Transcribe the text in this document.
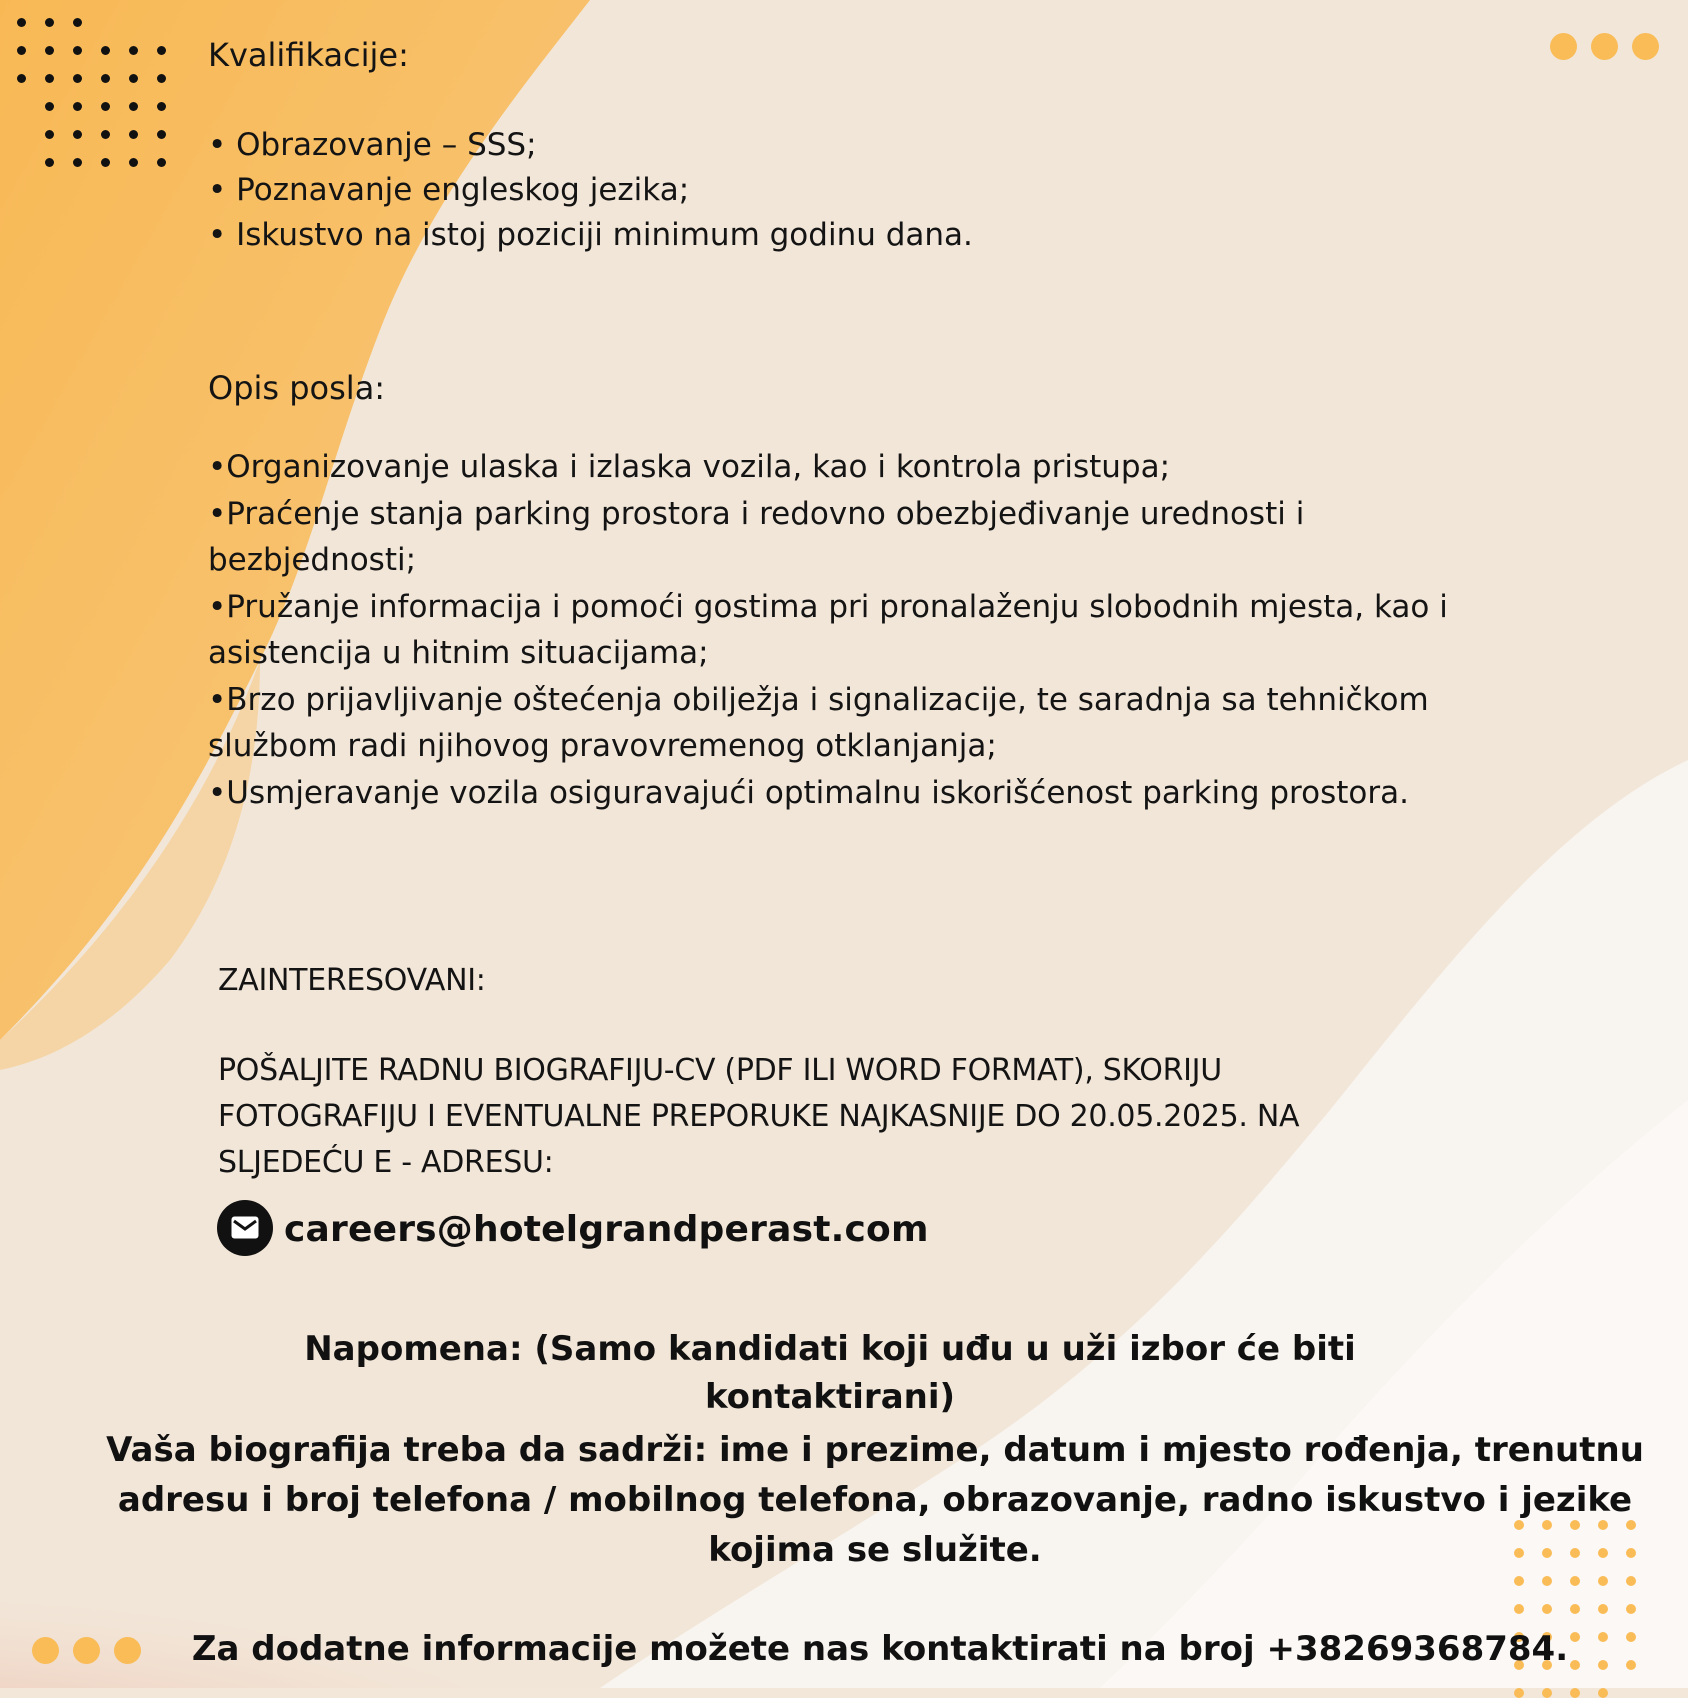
Kvalifikacije:
• Obrazovanje – SSS;
• Poznavanje engleskog jezika;
• Iskustvo na istoj poziciji minimum godinu dana.
Opis posla:
•Organizovanje ulaska i izlaska vozila, kao i kontrola pristupa;
•Praćenje stanja parking prostora i redovno obezbjeđivanje urednosti i bezbjednosti;
•Pružanje informacija i pomoći gostima pri pronalaženju slobodnih mjesta, kao i asistencija u hitnim situacijama;
•Brzo prijavljivanje oštećenja obilježja i signalizacije, te saradnja sa tehničkom službom radi njihovog pravovremenog otklanjanja;
•Usmjeravanje vozila osiguravajući optimalnu iskorišćenost parking prostora.
ZAINTERESOVANI:
POŠALJITE RADNU BIOGRAFIJU-CV (PDF ILI WORD FORMAT), SKORIJU FOTOGRAFIJU I EVENTUALNE PREPORUKE NAJKASNIJE DO 20.05.2025. NA SLJEDEĆU E - ADRESU:
careers@hotelgrandperast.com
Napomena: (Samo kandidati koji uđu u uži izbor će biti kontaktirani)
Vaša biografija treba da sadrži: ime i prezime, datum i mjesto rođenja, trenutnu adresu i broj telefona / mobilnog telefona, obrazovanje, radno iskustvo i jezike kojima se služite.
Za dodatne informacije možete nas kontaktirati na broj +38269368784.
